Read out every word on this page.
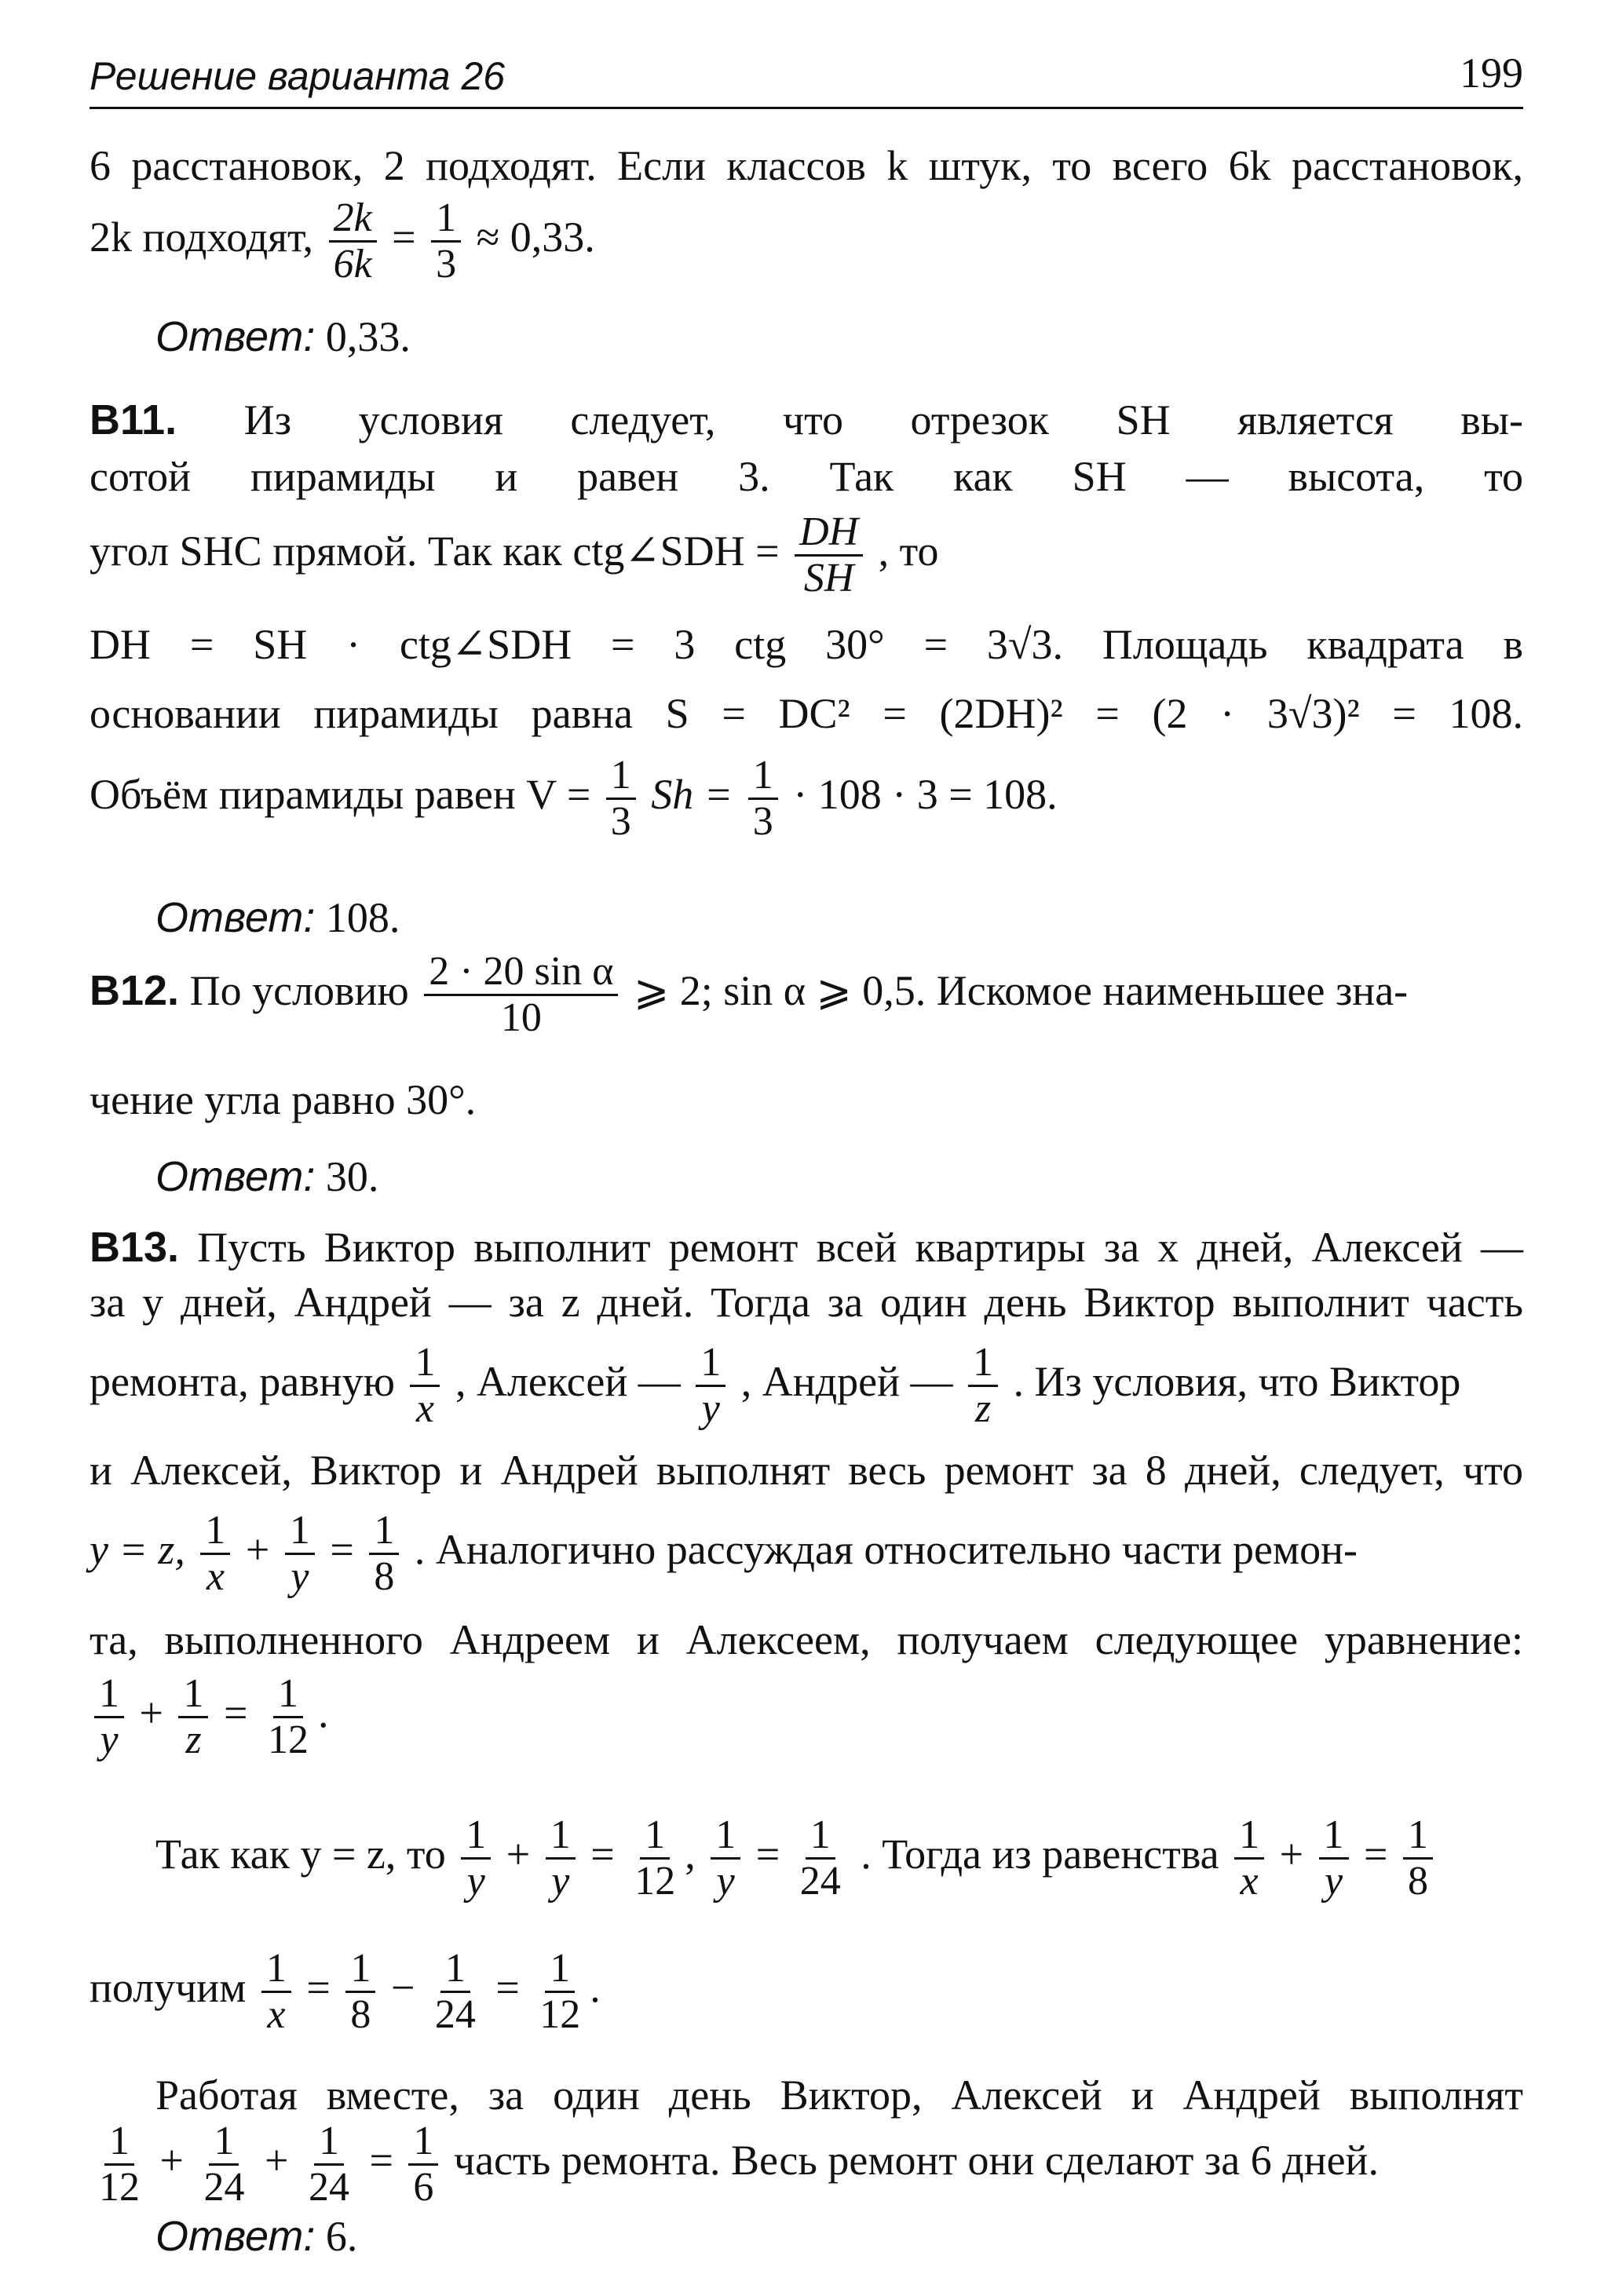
Решение варианта 26	199
6 расстановок, 2 подходят. Если классов k штук, то всего 6k расстановок,
2k подходят, $\frac{2k}{6k} = \frac{1}{3} \approx 0,33$.
Ответ: 0,33.
B11. Из условия следует, что отрезок SH является вы-
сотой пирамиды и равен 3. Так как SH — высота, то
угол SHC прямой. Так как ctg∠SDH = $\frac{DH}{SH}$ , то
DH = SH · ctg∠SDH = 3 ctg 30° = 3√3. Площадь квадрата в
основании пирамиды равна S = DC² = (2DH)² = (2 · 3√3)² = 108.
Объём пирамиды равен $V = \frac{1}{3}$ $Sh = \frac{1}{3} \cdot 108 \cdot 3 = 108$.
Ответ: 108.
B12. По условию $\frac{\text{2 · 20 sin α}}{10}$ ⩾ 2; sin α ⩾ 0,5. Искомое наименьшее зна-
чение угла равно 30°.
Ответ: 30.
B13. Пусть Виктор выполнит ремонт всей квартиры за x дней, Алексей —
за y дней, Андрей — за z дней. Тогда за один день Виктор выполнит часть
ремонта, равную $\frac{1}{x}$ , Алексей — $\frac{1}{y}$ , Андрей — $\frac{1}{z}$ . Из условия, что Виктор
и Алексей, Виктор и Андрей выполнят весь ремонт за 8 дней, следует, что
y = z, $\frac{1}{x} + \frac{1}{y} = \frac{1}{8}$ . Аналогично рассуждая относительно части ремон-
та, выполненного Андреем и Алексеем, получаем следующее уравнение:
$\frac{1}{y} + \frac{1}{z} = \frac{1}{12}$ .
Так как y = z, то $\frac{1}{y} + \frac{1}{y} = \frac{1}{12}$ , $\frac{1}{y} = \frac{1}{24}$ . Тогда из равенства $\frac{1}{x} + \frac{1}{y} = \frac{1}{8}$
получим $\frac{1}{x} = \frac{1}{8} - \frac{1}{24} = \frac{1}{12}$ .
Работая вместе, за один день Виктор, Алексей и Андрей выполнят
$\frac{1}{12} + \frac{1}{24} + \frac{1}{24} = \frac{1}{6}$ часть ремонта. Весь ремонт они сделают за 6 дней.
Ответ: 6.
